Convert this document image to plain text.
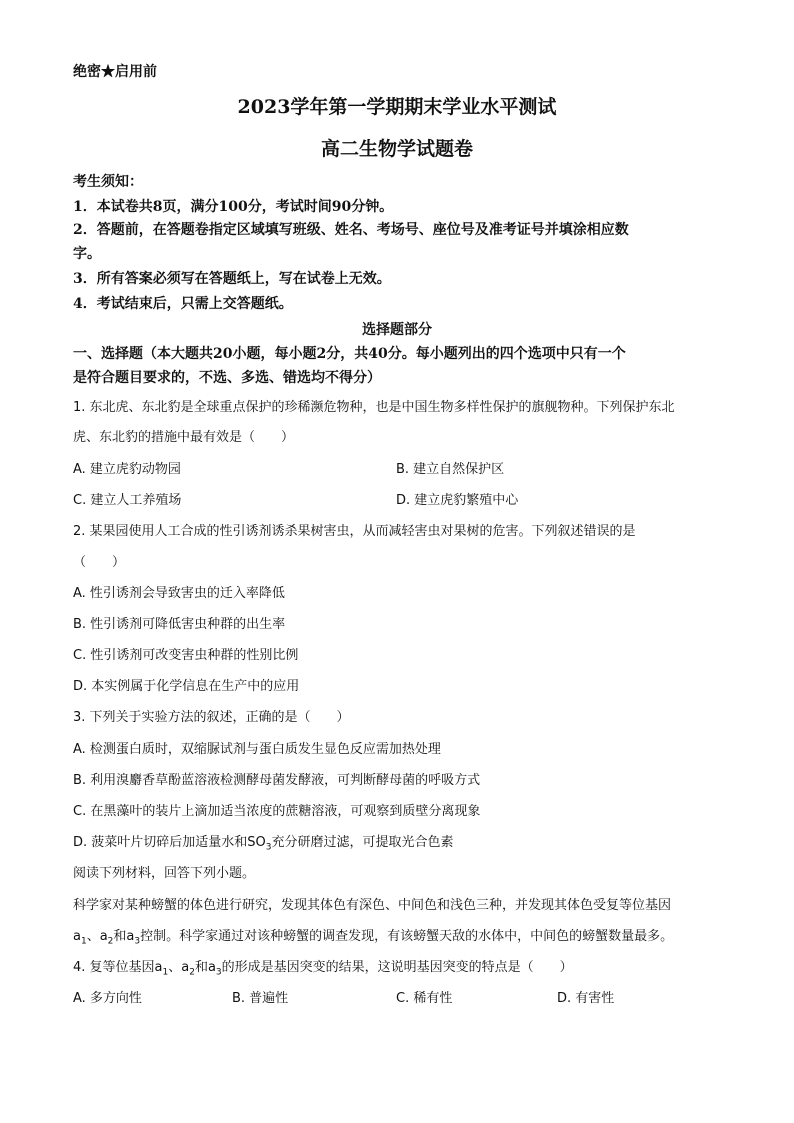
绝密★启用前
2023学年第一学期期末学业水平测试
高二生物学试题卷
考生须知：
1．本试卷共8页，满分100分，考试时间90分钟。
2．答题前，在答题卷指定区域填写班级、姓名、考场号、座位号及准考证号并填涂相应数
字。
3．所有答案必须写在答题纸上，写在试卷上无效。
4．考试结束后，只需上交答题纸。
选择题部分
一、选择题（本大题共20小题，每小题2分，共40分。每小题列出的四个选项中只有一个
是符合题目要求的，不选、多选、错选均不得分）
1. 东北虎、东北豹是全球重点保护的珍稀濒危物种，也是中国生物多样性保护的旗舰物种。下列保护东北
虎、东北豹的措施中最有效是（　　）
A. 建立虎豹动物园	B. 建立自然保护区
C. 建立人工养殖场	D. 建立虎豹繁殖中心
2. 某果园使用人工合成的性引诱剂诱杀果树害虫，从而减轻害虫对果树的危害。下列叙述错误的是
（　　）
A. 性引诱剂会导致害虫的迁入率降低
B. 性引诱剂可降低害虫种群的出生率
C. 性引诱剂可改变害虫种群的性别比例
D. 本实例属于化学信息在生产中的应用
3. 下列关于实验方法的叙述，正确的是（　　）
A. 检测蛋白质时，双缩脲试剂与蛋白质发生显色反应需加热处理
B. 利用溴麝香草酚蓝溶液检测酵母菌发酵液，可判断酵母菌的呼吸方式
C. 在黑藻叶的装片上滴加适当浓度的蔗糖溶液，可观察到质壁分离现象
D. 菠菜叶片切碎后加适量水和$SO_3$充分研磨过滤，可提取光合色素
阅读下列材料，回答下列小题。
科学家对某种螃蟹的体色进行研究，发现其体色有深色、中间色和浅色三种，并发现其体色受复等位基因
$a_1$、$a_2$和$a_3$控制。科学家通过对该种螃蟹的调查发现，有该螃蟹天敌的水体中，中间色的螃蟹数量最多。
4. 复等位基因$a_1$、$a_2$和$a_3$的形成是基因突变的结果，这说明基因突变的特点是（　　）
A. 多方向性	B. 普遍性	C. 稀有性	D. 有害性
